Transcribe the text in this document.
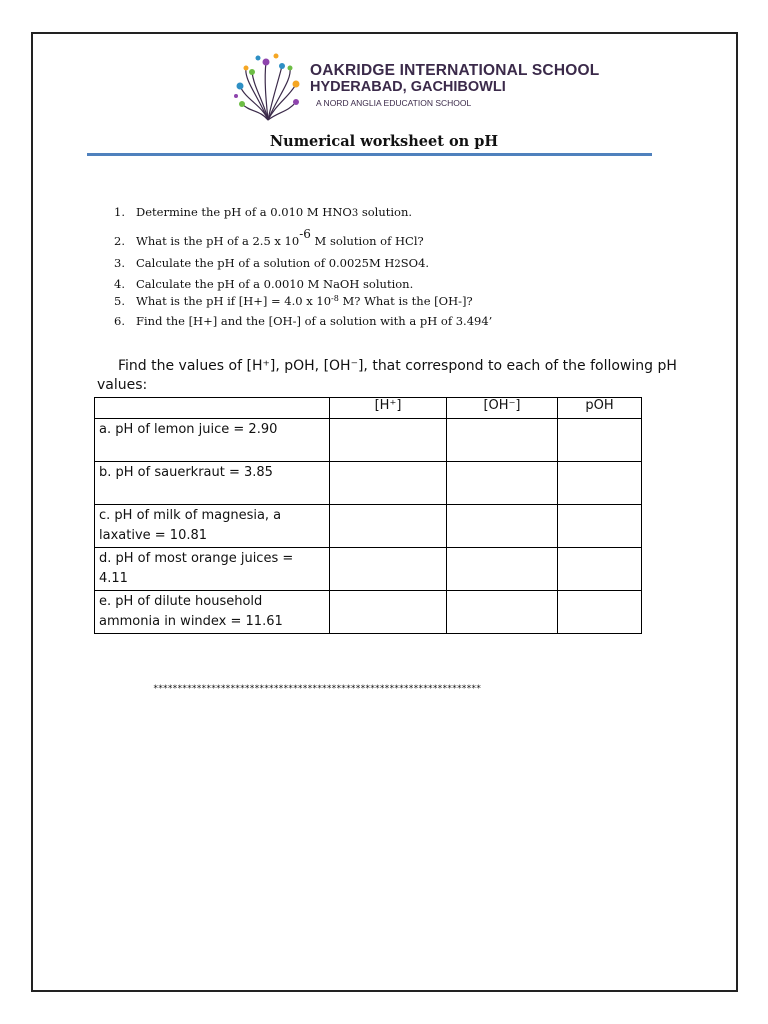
OAKRIDGE INTERNATIONAL SCHOOL
HYDERABAD, GACHIBOWLI
A NORD ANGLIA EDUCATION SCHOOL
Numerical worksheet on pH
1. Determine the pH of a 0.010 M HNO3 solution.
2. What is the pH of a 2.5 x 10-6 M solution of HCl?
3. Calculate the pH of a solution of 0.0025M H2SO4.
4. Calculate the pH of a 0.0010 M NaOH solution.
5. What is the pH if [H+] = 4.0 x $10^{-8}$ M? What is the [OH-]?
6. Find the [H+] and the [OH-] of a solution with a pH of 3.494’
Find the values of [H⁺], pOH, [OH⁻], that correspond to each of the following pH
values:
	[H⁺]	[OH⁻]	pOH

a. pH of lemon juice = 2.90			

b. pH of sauerkraut = 3.85			

c. pH of milk of magnesia, a
laxative = 10.81			

d. pH of most orange juices =
4.11			

e. pH of dilute household
ammonia in windex = 11.61			

********************************************************************
